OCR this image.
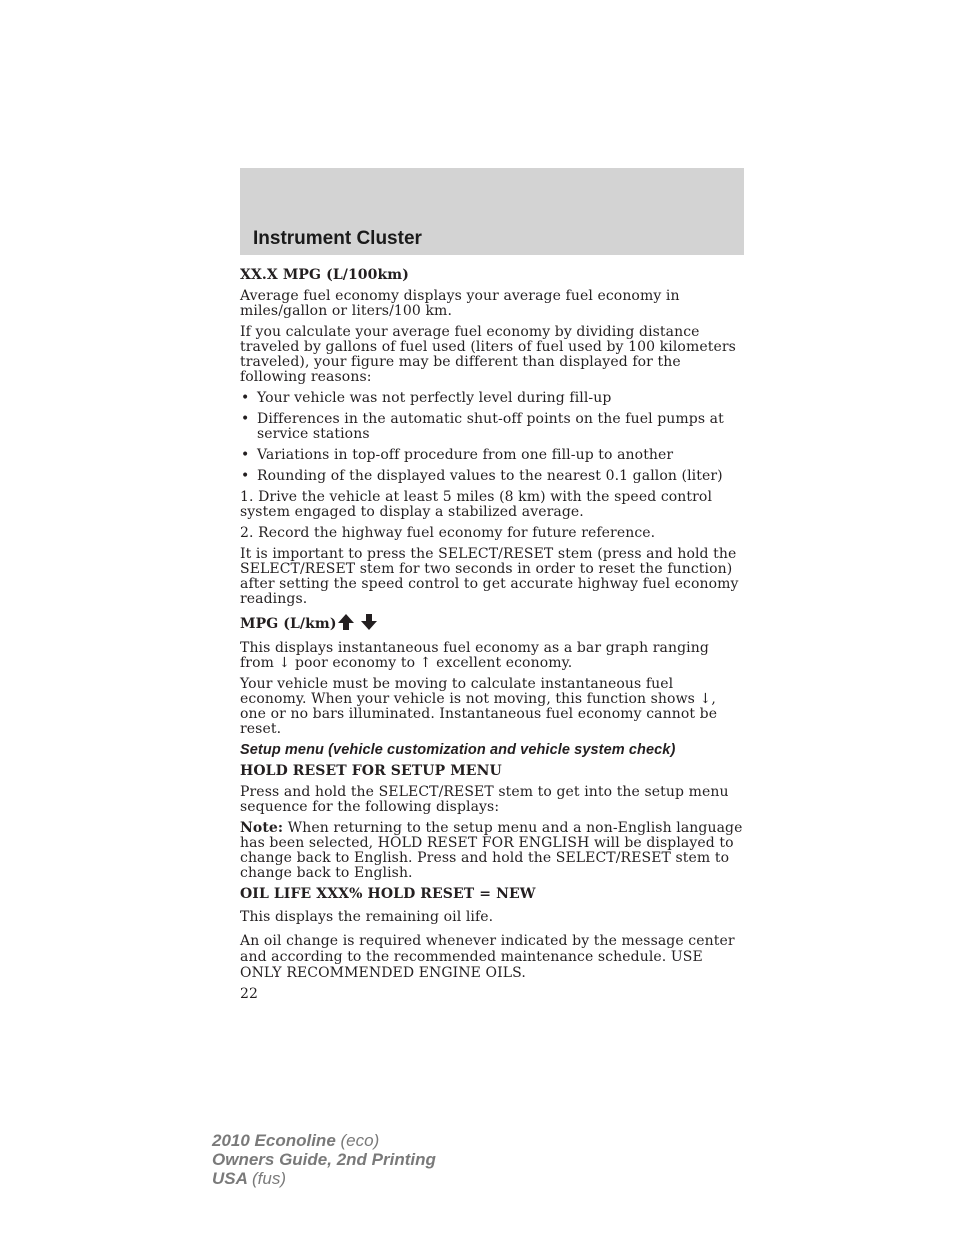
Instrument Cluster

XX.X MPG (L/100km)

Average fuel economy displays your average fuel economy in miles/gallon or liters/100 km.

If you calculate your average fuel economy by dividing distance traveled by gallons of fuel used (liters of fuel used by 100 kilometers traveled), your figure may be different than displayed for the following reasons:

• Your vehicle was not perfectly level during fill-up
• Differences in the automatic shut-off points on the fuel pumps at service stations
• Variations in top-off procedure from one fill-up to another
• Rounding of the displayed values to the nearest 0.1 gallon (liter)

1. Drive the vehicle at least 5 miles (8 km) with the speed control system engaged to display a stabilized average.

2. Record the highway fuel economy for future reference.

It is important to press the SELECT/RESET stem (press and hold the SELECT/RESET stem for two seconds in order to reset the function) after setting the speed control to get accurate highway fuel economy readings.

MPG (L/km)

This displays instantaneous fuel economy as a bar graph ranging from ↓ poor economy to ↑ excellent economy.

Your vehicle must be moving to calculate instantaneous fuel economy. When your vehicle is not moving, this function shows ↓, one or no bars illuminated. Instantaneous fuel economy cannot be reset.

Setup menu (vehicle customization and vehicle system check)

HOLD RESET FOR SETUP MENU

Press and hold the SELECT/RESET stem to get into the setup menu sequence for the following displays:

Note: When returning to the setup menu and a non-English language has been selected, HOLD RESET FOR ENGLISH will be displayed to change back to English. Press and hold the SELECT/RESET stem to change back to English.

OIL LIFE XXX% HOLD RESET = NEW

This displays the remaining oil life.

An oil change is required whenever indicated by the message center and according to the recommended maintenance schedule. USE ONLY RECOMMENDED ENGINE OILS.

22

2010 Econoline (eco)
Owners Guide, 2nd Printing
USA (fus)
